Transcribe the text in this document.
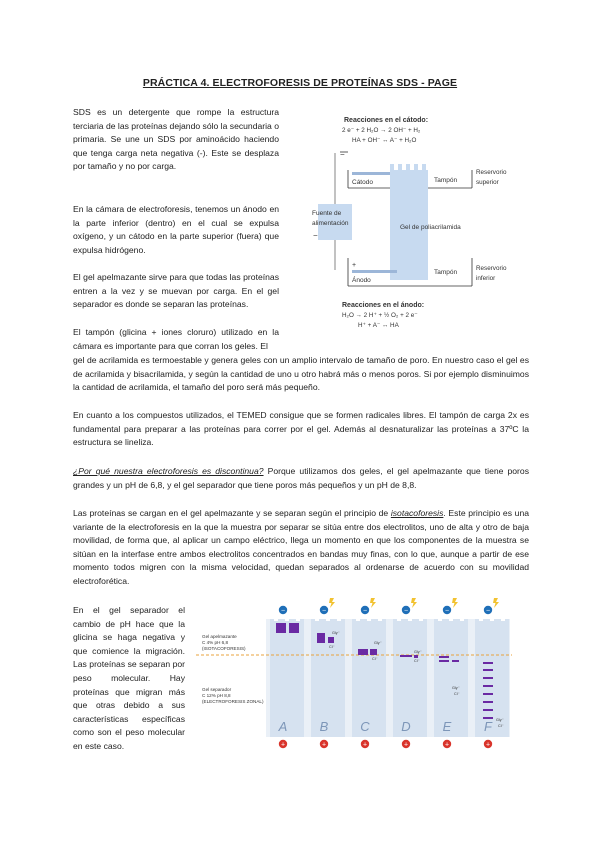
PRÁCTICA 4. ELECTROFORESIS DE PROTEÍNAS SDS - PAGE

SDS es un detergente que rompe la estructura terciaria de las proteínas dejando sólo la secundaria o primaria. Se une un SDS por aminoácido haciendo que tenga carga neta negativa (-). Este se desplaza por tamaño y no por carga.

En la cámara de electroforesis, tenemos un ánodo en la parte inferior (dentro) en el cual se expulsa oxígeno, y un cátodo en la parte superior (fuera) que expulsa hidrógeno.

El gel apelmazante sirve para que todas las proteínas entren a la vez y se muevan por carga. En el gel separador es donde se separan las proteínas.

El tampón (glicina + iones cloruro) utilizado en la cámara es importante para que corran los geles. El

gel de acrilamida es termoestable y genera geles con un amplio intervalo de tamaño de poro. En nuestro caso el gel es de acrilamida y bisacrilamida, y según la cantidad de uno u otro habrá más o menos poros. Si por ejemplo disminuimos la cantidad de acrilamida, el tamaño del poro será más pequeño.

En cuanto a los compuestos utilizados, el TEMED consigue que se formen radicales libres. El tampón de carga 2x es fundamental para preparar a las proteínas para correr por el gel. Además al desnaturalizar las proteínas a 37ºC la estructura se lineliza.

¿Por qué nuestra electroforesis es discontinua? Porque utilizamos dos geles, el gel apelmazante que tiene poros grandes y un pH de 6,8, y el gel separador que tiene poros más pequeños y un pH de 8,8.

Las proteínas se cargan en el gel apelmazante y se separan según el principio de isotacoforesis. Este principio es una variante de la electroforesis en la que la muestra por separar se sitúa entre dos electrolitos, uno de alta y otro de baja movilidad, de forma que, al aplicar un campo eléctrico, llega un momento en que los componentes de la muestra se sitúan en la interfase entre ambos electrolitos concentrados en bandas muy finas, con lo que, aunque a partir de ese momento todos migren con la misma velocidad, quedan separados al ordenarse de acuerdo con su movilidad electroforética.

En el gel separador el cambio de pH hace que la glicina se haga negativa y que comience la migración. Las proteínas se separan por peso molecular. Hay proteínas que migran más que otras debido a sus características específicas como son el peso molecular en este caso.

Reacciones en el cátodo:
2 e⁻ + 2 H₂O → 2 OH⁻ + H₂
HA + OH⁻ ↔ A⁻ + H₂O
Cátodo	Tampón
−
Reservorio
superior
Gel de poliacrilamida
Fuente de
alimentación
−
+
Ánodo
Tampón
Reservorio
inferior
Reacciones en el ánodo:
H₂O → 2 H⁺ + ½ O₂ + 2 e⁻
H⁺ + A⁻ ↔ HA
−
+
A
−
+
B
−
+
C
−
+
D
−
+
E
−
+
F
Gel apelmazante
C 4% pH 6,8
(ISOTACOFORESIS)
Gel separador
C 12% pH 8,8
(ELECTROFORESIS ZONAL)
Gly⁻
Cl⁻
Gly⁻
Cl⁻
Gly⁻
Cl⁻
Gly⁻
Cl⁻
Gly⁻
Cl⁻
